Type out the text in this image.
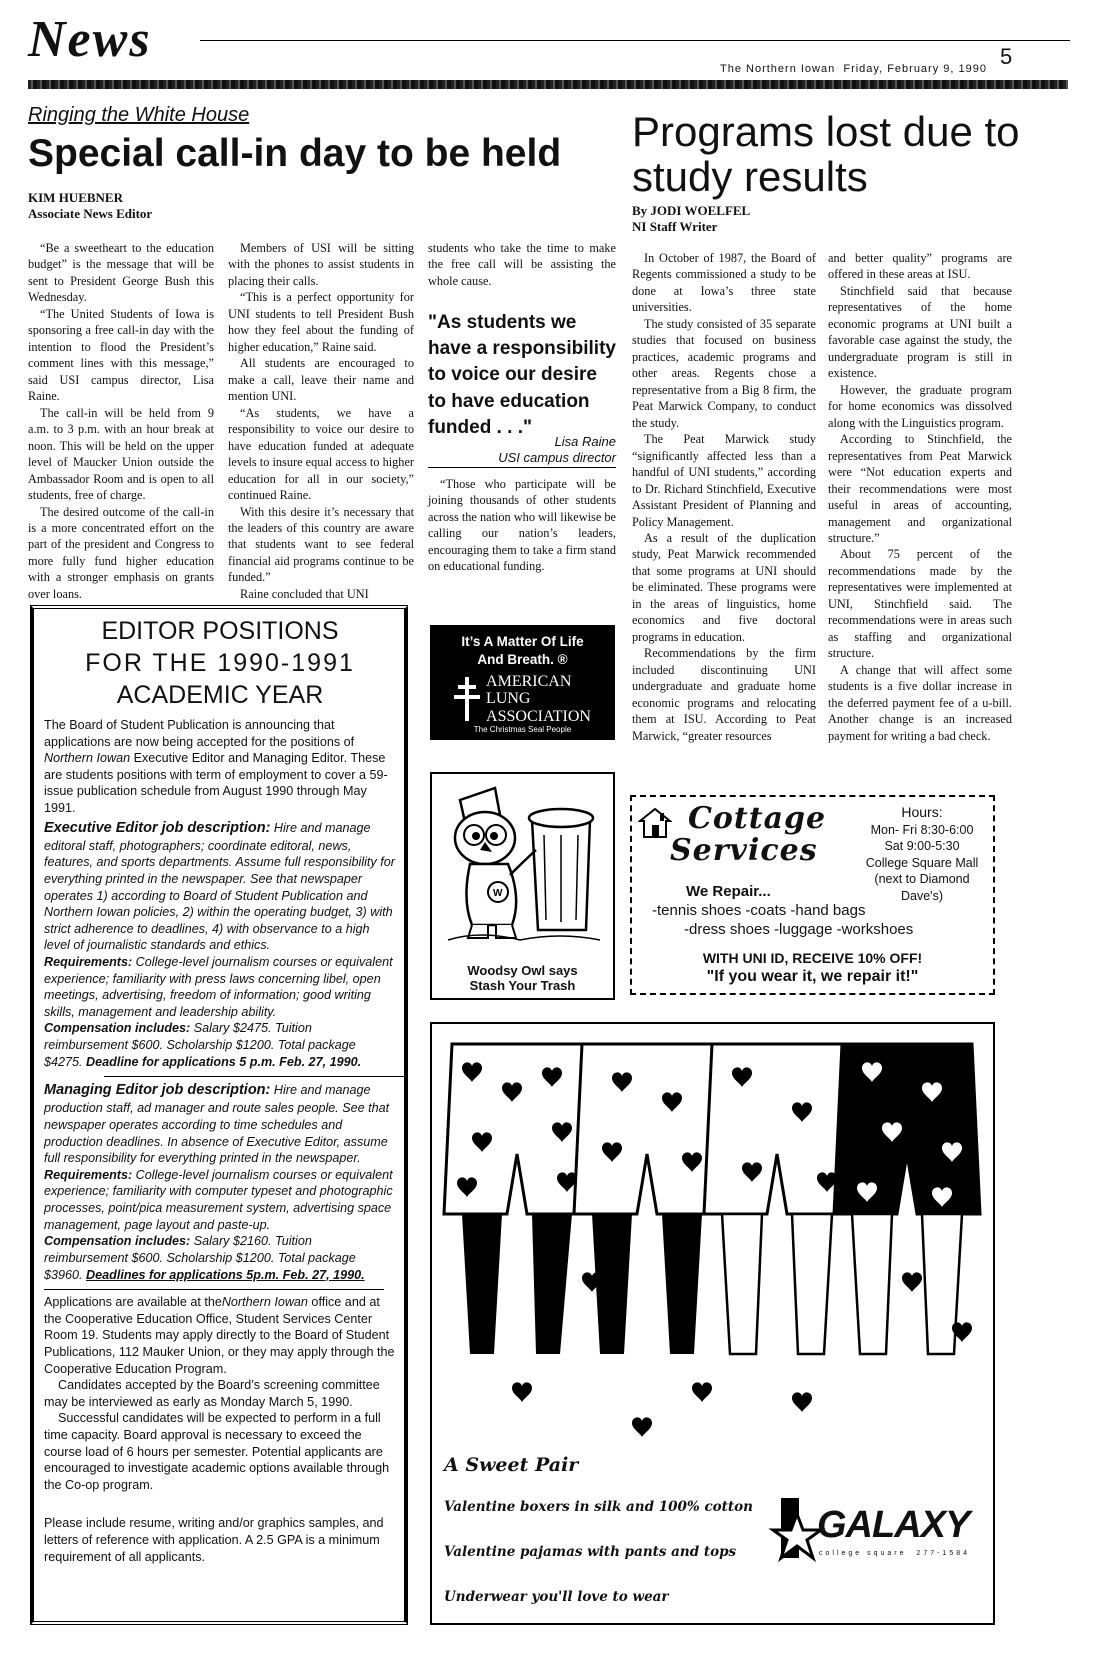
News	5
The Northern Iowan Friday, February 9, 1990
Ringing the White House
Special call-in day to be held
KIM HUEBNER
Associate News Editor

“Be a sweetheart to the education budget” is the message that will be sent to President George Bush this Wednesday.

“The United Students of Iowa is sponsoring a free call-in day with the intention to flood the President’s comment lines with this message,” said USI campus director, Lisa Raine.

The call-in will be held from 9 a.m. to 3 p.m. with an hour break at noon. This will be held on the upper level of Maucker Union outside the Ambassador Room and is open to all students, free of charge.

The desired outcome of the call-in is a more concentrated effort on the part of the president and Congress to more fully fund higher education with a stronger emphasis on grants over loans.

Members of USI will be sitting with the phones to assist students in placing their calls.

“This is a perfect opportunity for UNI students to tell President Bush how they feel about the funding of higher education,” Raine said.

All students are encouraged to make a call, leave their name and mention UNI.

“As students, we have a responsibility to voice our desire to have education funded at adequate levels to insure equal access to higher education for all in our society,” continued Raine.

With this desire it’s necessary that the leaders of this country are aware that students want to see federal financial aid programs continue to be funded.”

Raine concluded that UNI

students who take the time to make the free call will be assisting the whole cause.

"As students we have a responsibility to voice our desire to have education funded . . ."
Lisa Raine
USI campus director

“Those who participate will be joining thousands of other students across the nation who will likewise be calling our nation’s leaders, encouraging them to take a firm stand on educational funding.

Programs lost due to study results
By JODI WOELFEL
NI Staff Writer

In October of 1987, the Board of Regents commissioned a study to be done at Iowa’s three state universities.

The study consisted of 35 separate studies that focused on business practices, academic programs and other areas. Regents chose a representative from a Big 8 firm, the Peat Marwick Company, to conduct the study.

The Peat Marwick study “significantly affected less than a handful of UNI students,” according to Dr. Richard Stinchfield, Executive Assistant President of Planning and Policy Management.

As a result of the duplication study, Peat Marwick recommended that some programs at UNI should be eliminated. These programs were in the areas of linguistics, home economics and five doctoral programs in education.

Recommendations by the firm included discontinuing UNI undergraduate and graduate home economic programs and relocating them at ISU. According to Peat Marwick, “greater resources

and better quality” programs are offered in these areas at ISU.

Stinchfield said that because representatives of the home economic programs at UNI built a favorable case against the study, the undergraduate program is still in existence.

However, the graduate program for home economics was dissolved along with the Linguistics program.

According to Stinchfield, the representatives from Peat Marwick were “Not education experts and their recommendations were most useful in areas of accounting, management and organizational structure.”

About 75 percent of the recommendations made by the representatives were implemented at UNI, Stinchfield said. The recommendations were in areas such as staffing and organizational structure.

A change that will affect some students is a five dollar increase in the deferred payment fee of a u-bill. Another change is an increased payment for writing a bad check.

EDITOR POSITIONS
FOR THE 1990-1991
ACADEMIC YEAR

The Board of Student Publication is announcing that applications are now being accepted for the positions of Northern Iowan Executive Editor and Managing Editor. These are students positions with term of employment to cover a 59-issue publication schedule from August 1990 through May 1991.

Executive Editor job description: Hire and manage editoral staff, photographers; coordinate editoral, news, features, and sports departments. Assume full responsibility for everything printed in the newspaper. See that newspaper operates 1) according to Board of Student Publication and Northern Iowan policies, 2) within the operating budget, 3) with strict adherence to deadlines, 4) with observance to a high level of journalistic standards and ethics.

Requirements: College-level journalism courses or equivalent experience; familiarity with press laws concerning libel, open meetings, advertising, freedom of information; good writing skills, management and leadership ability.

Compensation includes: Salary $2475. Tuition reimbursement $600. Scholarship $1200. Total package $4275. Deadline for applications 5 p.m. Feb. 27, 1990.

Managing Editor job description: Hire and manage production staff, ad manager and route sales people. See that newspaper operates according to time schedules and production deadlines. In absence of Executive Editor, assume full responsibility for everything printed in the newspaper.

Requirements: College-level journalism courses or equivalent experience; familiarity with computer typeset and photographic processes, point/pica measurement system, advertising space management, page layout and paste-up.

Compensation includes: Salary $2160. Tuition reimbursement $600. Scholarship $1200. Total package $3960. Deadlines for applications 5p.m. Feb. 27, 1990.

Applications are available at theNorthern Iowan office and at the Cooperative Education Office, Student Services Center Room 19. Students may apply directly to the Board of Student Publications, 112 Mauker Union, or they may apply through the Cooperative Education Program.

Candidates accepted by the Board’s screening committee may be interviewed as early as Monday March 5, 1990.

Successful candidates will be expected to perform in a full time capacity. Board approval is necessary to exceed the course load of 6 hours per semester. Potential applicants are encouraged to investigate academic options available through the Co-op program.

Please include resume, writing and/or graphics samples, and letters of reference with application. A 2.5 GPA is a minimum requirement of all applicants.

It’s A Matter Of Life
And Breath. ®
AMERICAN
LUNG
ASSOCIATION
The Christmas Seal People
W
Woodsy Owl says
Stash Your Trash
Cottage
Services
Hours:
Mon- Fri 8:30-6:00
Sat 9:00-5:30
College Square Mall
(next to Diamond Dave's)
We Repair...
-tennis shoes -coats -hand bags
-dress shoes -luggage -workshoes
WITH UNI ID, RECEIVE 10% OFF!
"If you wear it, we repair it!"
A Sweet Pair
Valentine boxers in silk and 100% cotton
Valentine pajamas with pants and tops
Underwear you'll love to wear
GALAXY
college square 277-1584
